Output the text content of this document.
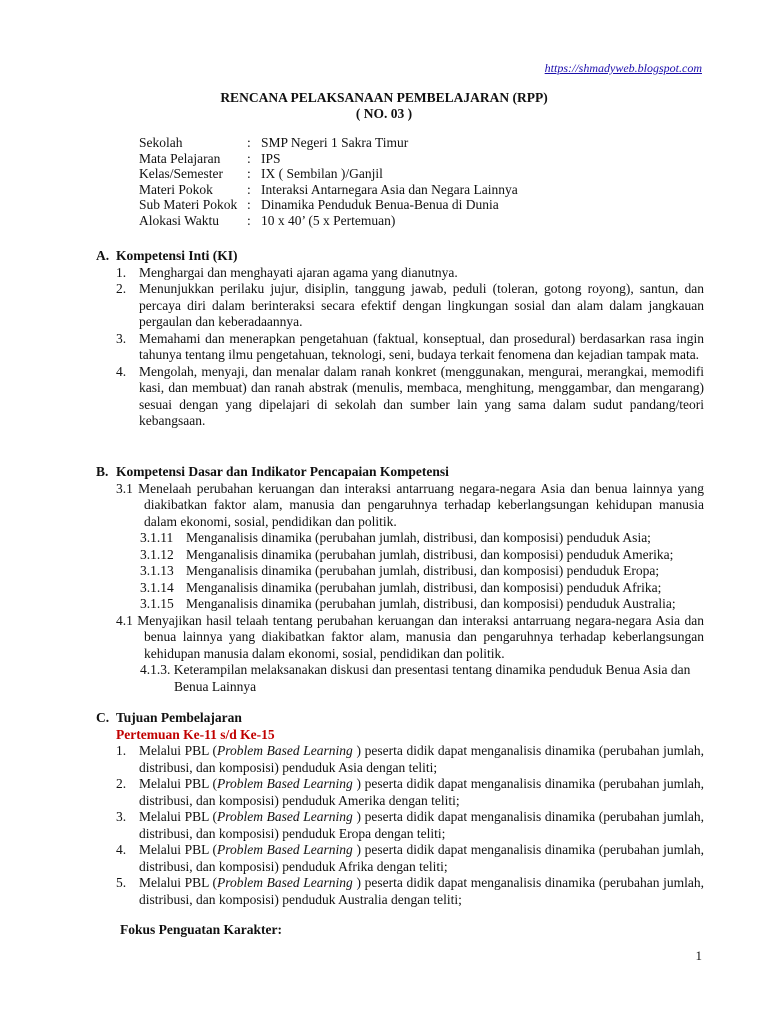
https://shmadyweb.blogspot.com
RENCANA PELAKSANAAN PEMBELAJARAN (RPP)
( NO. 03 )
Sekolah	: SMP Negeri 1 Sakra Timur
Mata Pelajaran	: IPS
Kelas/Semester	: IX ( Sembilan )/Ganjil
Materi Pokok	: Interaksi Antarnegara Asia dan Negara Lainnya
Sub Materi Pokok : Dinamika Penduduk Benua-Benua di Dunia
Alokasi Waktu	: 10 x 40’ (5 x Pertemuan)
A. Kompetensi Inti (KI)
1. Menghargai dan menghayati ajaran agama yang dianutnya.
2. Menunjukkan perilaku jujur, disiplin, tanggung jawab, peduli (toleran, gotong royong), santun, dan percaya diri dalam berinteraksi secara efektif dengan lingkungan sosial dan alam dalam jangkauan pergaulan dan keberadaannya.
3. Memahami dan menerapkan pengetahuan (faktual, konseptual, dan prosedural) berdasarkan rasa ingin tahunya tentang ilmu pengetahuan, teknologi, seni, budaya terkait fenomena dan kejadian tampak mata.
4. Mengolah, menyaji, dan menalar dalam ranah konkret (menggunakan, mengurai, merangkai, memodifi kasi, dan membuat) dan ranah abstrak (menulis, membaca, menghitung, menggambar, dan mengarang) sesuai dengan yang dipelajari di sekolah dan sumber lain yang sama dalam sudut pandang/teori kebangsaan.
B. Kompetensi Dasar dan Indikator Pencapaian Kompetensi
3.1 Menelaah perubahan keruangan dan interaksi antarruang negara-negara Asia dan benua lainnya yang diakibatkan faktor alam, manusia dan pengaruhnya terhadap keberlangsungan kehidupan manusia dalam ekonomi, sosial, pendidikan dan politik.
3.1.11 Menganalisis dinamika (perubahan jumlah, distribusi, dan komposisi) penduduk Asia;
3.1.12 Menganalisis dinamika (perubahan jumlah, distribusi, dan komposisi) penduduk Amerika;
3.1.13 Menganalisis dinamika (perubahan jumlah, distribusi, dan komposisi) penduduk Eropa;
3.1.14 Menganalisis dinamika (perubahan jumlah, distribusi, dan komposisi) penduduk Afrika;
3.1.15 Menganalisis dinamika (perubahan jumlah, distribusi, dan komposisi) penduduk Australia;
4.1 Menyajikan hasil telaah tentang perubahan keruangan dan interaksi antarruang negara-negara Asia dan benua lainnya yang diakibatkan faktor alam, manusia dan pengaruhnya terhadap keberlangsungan kehidupan manusia dalam ekonomi, sosial, pendidikan dan politik.
4.1.3. Keterampilan melaksanakan diskusi dan presentasi tentang dinamika penduduk Benua Asia dan Benua Lainnya
C. Tujuan Pembelajaran
Pertemuan Ke-11 s/d Ke-15
1. Melalui PBL (Problem Based Learning ) peserta didik dapat menganalisis dinamika (perubahan jumlah, distribusi, dan komposisi) penduduk Asia dengan teliti;
2. Melalui PBL (Problem Based Learning ) peserta didik dapat menganalisis dinamika (perubahan jumlah, distribusi, dan komposisi) penduduk Amerika dengan teliti;
3. Melalui PBL (Problem Based Learning ) peserta didik dapat menganalisis dinamika (perubahan jumlah, distribusi, dan komposisi) penduduk Eropa dengan teliti;
4. Melalui PBL (Problem Based Learning ) peserta didik dapat menganalisis dinamika (perubahan jumlah, distribusi, dan komposisi) penduduk Afrika dengan teliti;
5. Melalui PBL (Problem Based Learning ) peserta didik dapat menganalisis dinamika (perubahan jumlah, distribusi, dan komposisi) penduduk Australia dengan teliti;
Fokus Penguatan Karakter:
1
